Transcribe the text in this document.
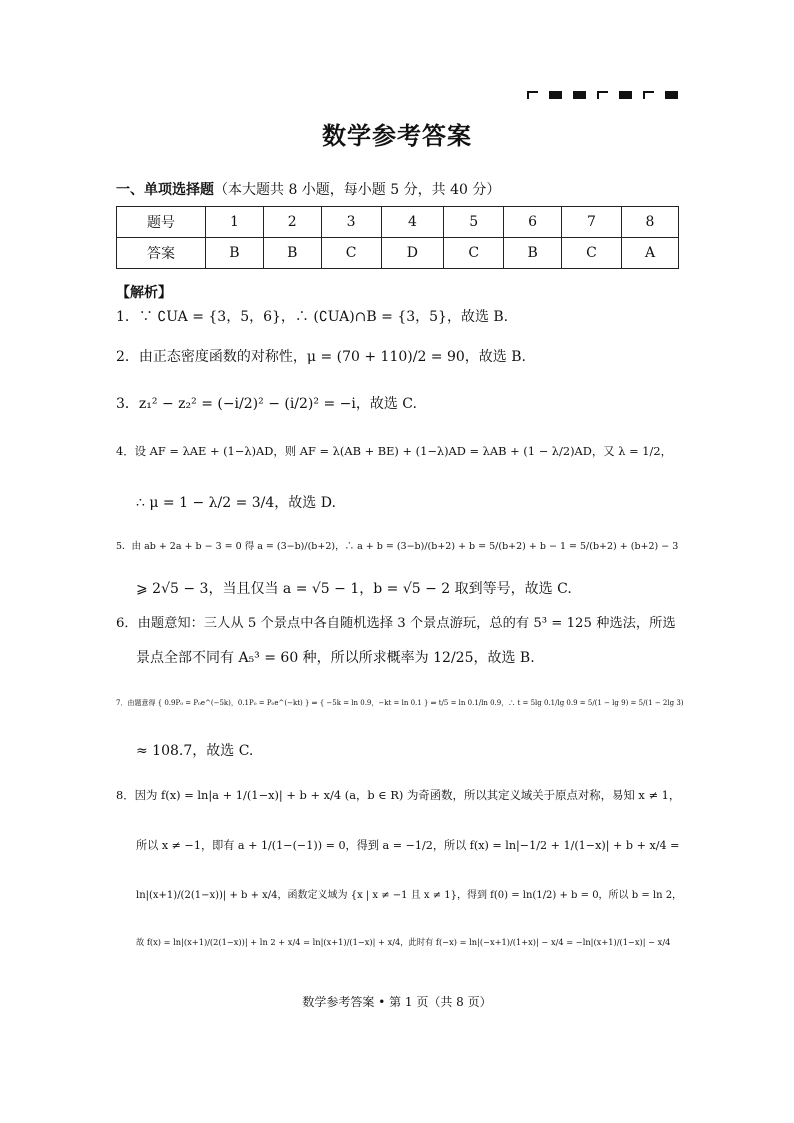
数学参考答案
一、单项选择题（本大题共 8 小题，每小题 5 分，共 40 分）
题号	1	2	3	4	5	6	7	8
答案	B	B	C	D	C	B	C	A
【解析】
1．∵ ∁UA = {3，5，6}，∴ (∁UA)∩B = {3，5}，故选 B.
2．由正态密度函数的对称性，μ = (70 + 110)/2 = 90，故选 B.
3．z₁² − z₂² = (−i/2)² − (i/2)² = −i，故选 C.
4．设 AF = λAE + (1−λ)AD，则 AF = λ(AB + BE) + (1−λ)AD = λAB + (1 − λ/2)AD，又 λ = 1/2，
∴ μ = 1 − λ/2 = 3/4，故选 D.
5．由 ab + 2a + b − 3 = 0 得 a = (3−b)/(b+2)，∴ a + b = (3−b)/(b+2) + b = 5/(b+2) + b − 1 = 5/(b+2) + (b+2) − 3
⩾ 2√5 − 3，当且仅当 a = √5 − 1，b = √5 − 2 取到等号，故选 C.
6．由题意知：三人从 5 个景点中各自随机选择 3 个景点游玩，总的有 5³ = 125 种选法，所选
景点全部不同有 A₅³ = 60 种，所以所求概率为 12/25，故选 B.
7．由题意得 { 0.9P₀ = P₀e^(−5k)，0.1P₀ = P₀e^(−kt) } ⇒ { −5k = ln 0.9，−kt = ln 0.1 } ⇒ t/5 = ln 0.1/ln 0.9，∴ t = 5lg 0.1/lg 0.9 = 5/(1 − lg 9) = 5/(1 − 2lg 3)
≈ 108.7，故选 C.
8．因为 f(x) = ln|a + 1/(1−x)| + b + x/4 (a，b ∈ R) 为奇函数，所以其定义域关于原点对称，易知 x ≠ 1，
所以 x ≠ −1，即有 a + 1/(1−(−1)) = 0，得到 a = −1/2，所以 f(x) = ln|−1/2 + 1/(1−x)| + b + x/4 =
ln|(x+1)/(2(1−x))| + b + x/4，函数定义域为 {x | x ≠ −1 且 x ≠ 1}，得到 f(0) = ln(1/2) + b = 0，所以 b = ln 2，
故 f(x) = ln|(x+1)/(2(1−x))| + ln 2 + x/4 = ln|(x+1)/(1−x)| + x/4，此时有 f(−x) = ln|(−x+1)/(1+x)| − x/4 = −ln|(x+1)/(1−x)| − x/4
数学参考答案 • 第 1 页（共 8 页）
